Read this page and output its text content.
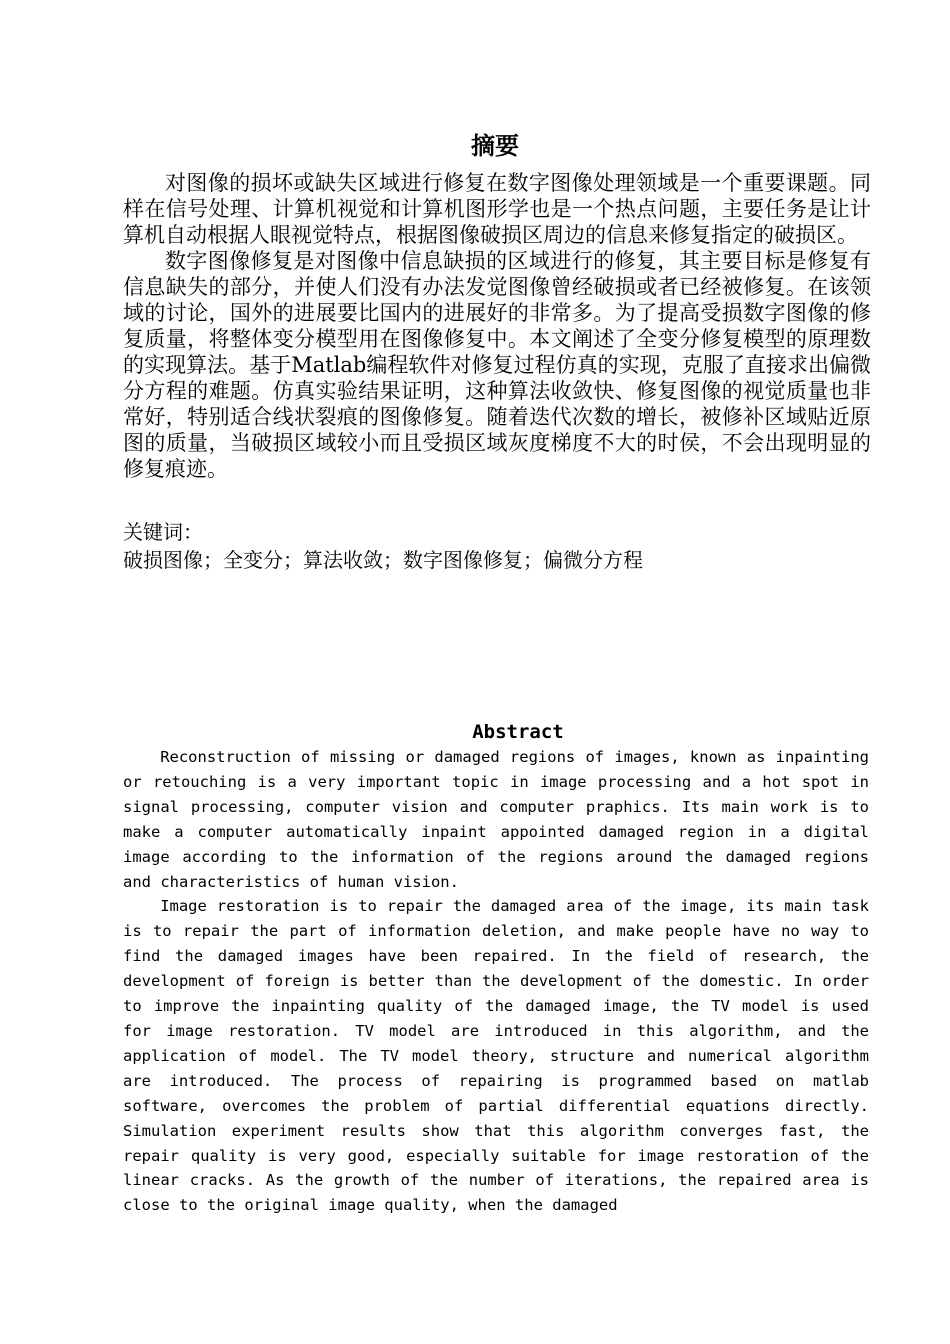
摘要

对图像的损坏或缺失区域进行修复在数字图像处理领域是一个重要课题。同样在信号处理、计算机视觉和计算机图形学也是一个热点问题，主要任务是让计算机自动根据人眼视觉特点，根据图像破损区周边的信息来修复指定的破损区。

数字图像修复是对图像中信息缺损的区域进行的修复，其主要目标是修复有信息缺失的部分，并使人们没有办法发觉图像曾经破损或者已经被修复。在该领域的讨论，国外的进展要比国内的进展好的非常多。为了提高受损数字图像的修复质量，将整体变分模型用在图像修复中。本文阐述了全变分修复模型的原理数的实现算法。基于Matlab编程软件对修复过程仿真的实现，克服了直接求出偏微分方程的难题。仿真实验结果证明，这种算法收敛快、修复图像的视觉质量也非常好，特别适合线状裂痕的图像修复。随着迭代次数的增长，被修补区域贴近原图的质量，当破损区域较小而且受损区域灰度梯度不大的时侯，不会出现明显的修复痕迹。

关键词：
破损图像；全变分；算法收敛；数字图像修复；偏微分方程
Abstract

Reconstruction of missing or damaged regions of images, known as inpainting or retouching is a very important topic in image processing and a hot spot in signal processing, computer vision and computer praphics. Its main work is to make a computer automatically inpaint appointed damaged region in a digital image according to the information of the regions around the damaged regions and characteristics of human vision.

Image restoration is to repair the damaged area of the image, its main task is to repair the part of information deletion, and make people have no way to find the damaged images have been repaired. In the field of research, the development of foreign is better than the development of the domestic. In order to improve the inpainting quality of the damaged image, the TV model is used for image restoration. TV model are introduced in this algorithm, and the application of model. The TV model theory, structure and numerical algorithm are introduced. The process of repairing is programmed based on matlab software, overcomes the problem of partial differential equations directly. Simulation experiment results show that this algorithm converges fast, the repair quality is very good, especially suitable for image restoration of the linear cracks. As the growth of the number of iterations, the repaired area is close to the original image quality, when the damaged
